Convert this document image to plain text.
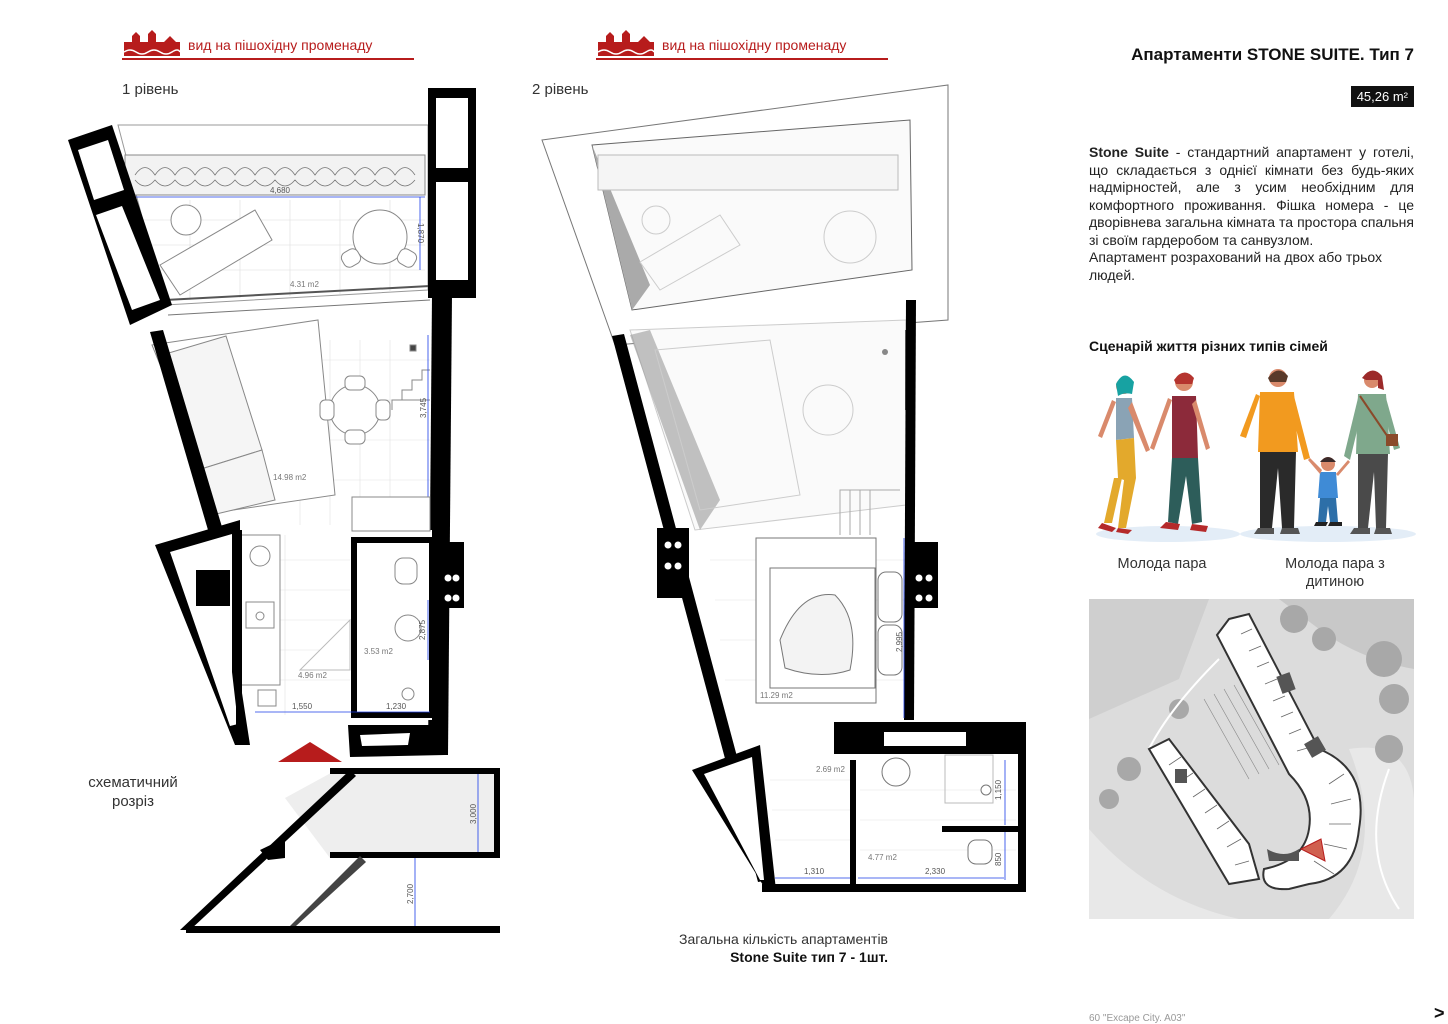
вид на пішохідну променаду	вид на пішохідну променаду
1 рівень	2 рівень
4,680
1,870
4.31 m2
14.98 m2
3,745
4.96 m2
3.53 m2
2,875
1,550	1,230
3,000
2,700
схематичний
розріз
11.29 m2
2,995
2.69 m2
4.77 m2
1,150
850
1,310	2,330
Загальна кількість апартаментів
Stone Suite тип 7 - 1шт.
Апартаменти STONE SUITE. Тип 7
45,26 m²
Stone Suite - стандартний апартамент у готелі, що складається з однієї кімнати без будь-яких надмірностей, але з усим необхідним для комфортного проживання. Фішка номера - це дворівнева загальна кімната та простора спальня зі своїм гардеробом та санвузлом.
Апартамент розрахований на двох або трьох людей.
Сценарій життя різних типів сімей
Молода пара	Молода пара з дитиною
60 "Excape City. A03"	>
